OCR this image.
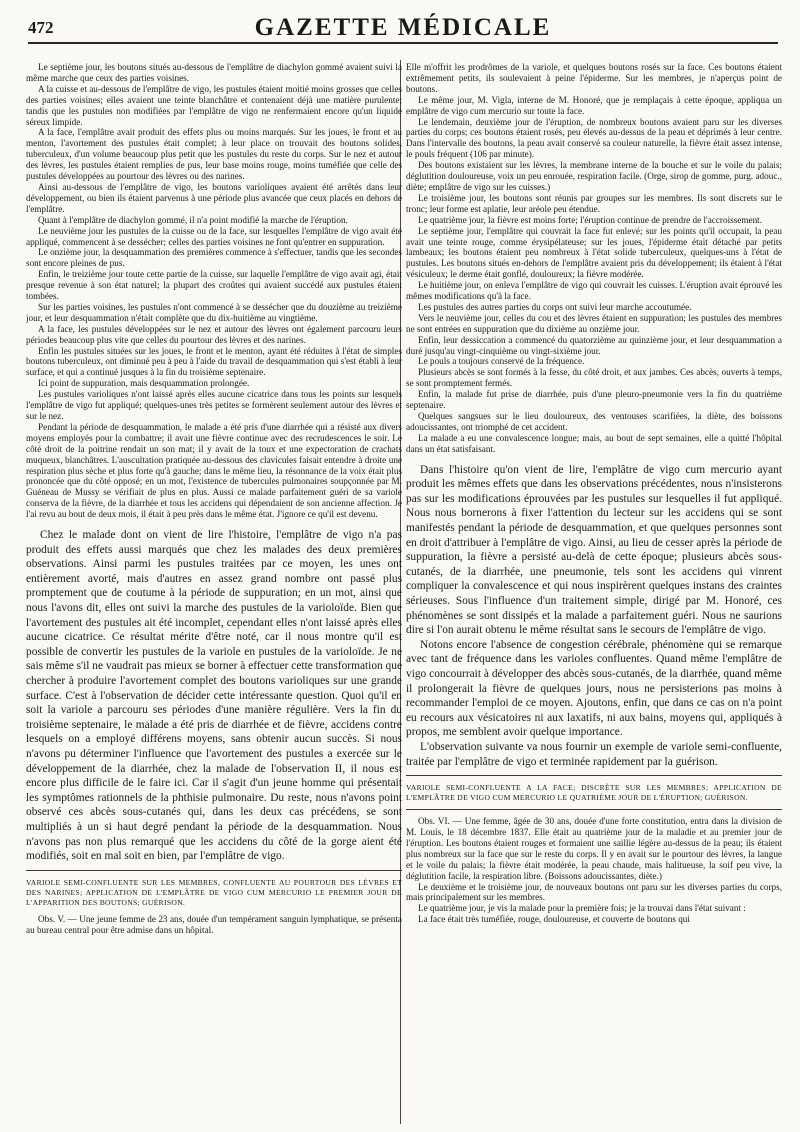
472	GAZETTE MÉDICALE

Le septième jour, les boutons situés au-dessous de l'emplâtre de diachylon gommé avaient suivi la même marche que ceux des parties voisines.

A la cuisse et au-dessous de l'emplâtre de vigo, les pustules étaient moitié moins grosses que celles des parties voisines; elles avaient une teinte blanchâtre et contenaient déjà une matière purulente; tandis que les pustules non modifiées par l'emplâtre de vigo ne renfermaient encore qu'un liquide séreux limpide.

A la face, l'emplâtre avait produit des effets plus ou moins marqués. Sur les joues, le front et au menton, l'avortement des pustules était complet; à leur place on trouvait des boutons solides, tuberculeux, d'un volume beaucoup plus petit que les pustules du reste du corps. Sur le nez et autour des lèvres, les pustules étaient remplies de pus, leur base moins rouge, moins tuméfiée que celle des pustules développées au pourtour des lèvres ou des narines.

Ainsi au-dessous de l'emplâtre de vigo, les boutons varioliques avaient été arrêtés dans leur développement, ou bien ils étaient parvenus à une période plus avancée que ceux placés en dehors de l'emplâtre.

Quant à l'emplâtre de diachylon gommé, il n'a point modifié la marche de l'éruption.

Le neuvième jour les pustules de la cuisse ou de la face, sur lesquelles l'emplâtre de vigo avait été appliqué, commencent à se dessécher; celles des parties voisines ne font qu'entrer en suppuration.

Le onzième jour, la desquammation des premières commence à s'effectuer, tandis que les secondes sont encore pleines de pus.

Enfin, le treizième jour toute cette partie de la cuisse, sur laquelle l'emplâtre de vigo avait agi, était presque revenue à son état naturel; la plupart des croûtes qui avaient succédé aux pustules étaient tombées.

Sur les parties voisines, les pustules n'ont commencé à se dessécher que du douzième au treizième jour, et leur desquammation n'était complète que du dix-huitième au vingtième.

A la face, les pustules développées sur le nez et autour des lèvres ont également parcouru leurs périodes beaucoup plus vite que celles du pourtour des lèvres et des narines.

Enfin les pustules situées sur les joues, le front et le menton, ayant été réduites à l'état de simples boutons tuberculeux, ont diminué peu à peu à l'aide du travail de desquammation qui s'est établi à leur surface, et qui a continué jusques à la fin du troisième septenaire.

Ici point de suppuration, mais desquammation prolongée.

Les pustules varioliques n'ont laissé après elles aucune cicatrice dans tous les points sur lesquels l'emplâtre de vigo fut appliqué; quelques-unes très petites se formèrent seulement autour des lèvres et sur le nez.

Pendant la période de desquammation, le malade a été pris d'une diarrhée qui a résisté aux divers moyens employés pour la combattre; il avait une fièvre continue avec des recrudescences le soir. Le côté droit de la poitrine rendait un son mat; il y avait de la toux et une expectoration de crachats muqueux, blanchâtres. L'auscultation pratiquée au-dessous des clavicules faisait entendre à droite une respiration plus sèche et plus forte qu'à gauche; dans le même lieu, la résonnance de la voix était plus prononcée que du côté opposé; en un mot, l'existence de tubercules pulmonaires soupçonnée par M. Guéneau de Mussy se vérifiait de plus en plus. Aussi ce malade parfaitement guéri de sa variole conserva de la fièvre, de la diarrhée et tous les accidens qui dépendaient de son ancienne affection. Je l'ai revu au bout de deux mois, il était à peu près dans le même état. J'ignore ce qu'il est devenu.

Chez le malade dont on vient de lire l'histoire, l'emplâtre de vigo n'a pas produit des effets aussi marqués que chez les malades des deux premières observations. Ainsi parmi les pustules traitées par ce moyen, les unes ont entièrement avorté, mais d'autres en assez grand nombre ont passé plus promptement que de coutume à la période de suppuration; en un mot, ainsi que nous l'avons dit, elles ont suivi la marche des pustules de la varioloïde. Bien que l'avortement des pustules ait été incomplet, cependant elles n'ont laissé après elles aucune cicatrice. Ce résultat mérite d'être noté, car il nous montre qu'il est possible de convertir les pustules de la variole en pustules de la varioloïde. Je ne sais même s'il ne vaudrait pas mieux se borner à effectuer cette transformation que chercher à produire l'avortement complet des boutons varioliques sur une grande surface. C'est à l'observation de décider cette intéressante question. Quoi qu'il en soit la variole a parcouru ses périodes d'une manière régulière. Vers la fin du troisième septenaire, le malade a été pris de diarrhée et de fièvre, accidens contre lesquels on a employé différens moyens, sans obtenir aucun succès. Si nous n'avons pu déterminer l'influence que l'avortement des pustules a exercée sur le développement de la diarrhée, chez la malade de l'observation II, il nous est encore plus difficile de le faire ici. Car il s'agit d'un jeune homme qui présentait les symptômes rationnels de la phthisie pulmonaire. Du reste, nous n'avons point observé ces abcès sous-cutanés qui, dans les deux cas précédens, se sont multipliés à un si haut degré pendant la période de la desquammation. Nous n'avons pas non plus remarqué que les accidens du côté de la gorge aient été modifiés, soit en mal soit en bien, par l'emplâtre de vigo.

VARIOLE SEMI-CONFLUENTE SUR LES MEMBRES, CONFLUENTE AU POURTOUR DES LÈVRES ET DES NARINES; APPLICATION DE L'EMPLÂTRE DE VIGO CUM MERCURIO LE PREMIER JOUR DE L'APPARITION DES BOUTONS; GUÉRISON.

Obs. V. — Une jeune femme de 23 ans, douée d'un tempérament sanguin lymphatique, se présenta au bureau central pour être admise dans un hôpital.

Elle m'offrit les prodrômes de la variole, et quelques boutons rosés sur la face. Ces boutons étaient extrêmement petits, ils soulevaient à peine l'épiderme. Sur les membres, je n'aperçus point de boutons.

Le même jour, M. Vigla, interne de M. Honoré, que je remplaçais à cette époque, appliqua un emplâtre de vigo cum mercurio sur toute la face.

Le lendemain, deuxième jour de l'éruption, de nombreux boutons avaient paru sur les diverses parties du corps; ces boutons étaient rosés, peu élevés au-dessus de la peau et déprimés à leur centre. Dans l'intervalle des boutons, la peau avait conservé sa couleur naturelle, la fièvre était assez intense, le pouls fréquent (106 par minute).

Des boutons existaient sur les lèvres, la membrane interne de la bouche et sur le voile du palais; déglutition douloureuse, voix un peu enrouée, respiration facile. (Orge, sirop de gomme, purg. adouc., diète; emplâtre de vigo sur les cuisses.)

Le troisième jour, les boutons sont réunis par groupes sur les membres. Ils sont discrets sur le tronc; leur forme est aplatie, leur aréole peu étendue.

Le quatrième jour, la fièvre est moins forte; l'éruption continue de prendre de l'accroissement.

Le septième jour, l'emplâtre qui couvrait la face fut enlevé; sur les points qu'il occupait, la peau avait une teinte rouge, comme érysipélateuse; sur les joues, l'épiderme était détaché par petits lambeaux; les boutons étaient peu nombreux à l'état solide tuberculeux, quelques-uns à l'état de pustules. Les boutons situés en-dehors de l'emplâtre avaient pris du développement; ils étaient à l'état vésiculeux; le derme était gonflé, douloureux; la fièvre modérée.

Le huitième jour, on enleva l'emplâtre de vigo qui couvrait les cuisses. L'éruption avait éprouvé les mêmes modifications qu'à la face.

Les pustules des autres parties du corps ont suivi leur marche accoutumée.

Vers le neuvième jour, celles du cou et des lèvres étaient en suppuration; les pustules des membres ne sont entrées en suppuration que du dixième au onzième jour.

Enfin, leur dessiccation a commencé du quatorzième au quinzième jour, et leur desquammation a duré jusqu'au vingt-cinquième ou vingt-sixième jour.

Le pouls a toujours conservé de la fréquence.

Plusieurs abcès se sont formés à la fesse, du côté droit, et aux jambes. Ces abcès, ouverts à temps, se sont promptement fermés.

Enfin, la malade fut prise de diarrhée, puis d'une pleuro-pneumonie vers la fin du quatrième septenaire.

Quelques sangsues sur le lieu douloureux, des ventouses scarifiées, la diète, des boissons adoucissantes, ont triomphé de cet accident.

La malade a eu une convalescence longue; mais, au bout de sept semaines, elle a quitté l'hôpital dans un état satisfaisant.

Dans l'histoire qu'on vient de lire, l'emplâtre de vigo cum mercurio ayant produit les mêmes effets que dans les observations précédentes, nous n'insisterons pas sur les modifications éprouvées par les pustules sur lesquelles il fut appliqué. Nous nous bornerons à fixer l'attention du lecteur sur les accidens qui se sont manifestés pendant la période de desquammation, et que quelques personnes sont en droit d'attribuer à l'emplâtre de vigo. Ainsi, au lieu de cesser après la période de suppuration, la fièvre a persisté au-delà de cette époque; plusieurs abcès sous-cutanés, de la diarrhée, une pneumonie, tels sont les accidens qui vinrent compliquer la convalescence et qui nous inspirèrent quelques instans des craintes sérieuses. Sous l'influence d'un traitement simple, dirigé par M. Honoré, ces phénomènes se sont dissipés et la malade a parfaitement guéri. Nous ne saurions dire si l'on aurait obtenu le même résultat sans le secours de l'emplâtre de vigo.

Notons encore l'absence de congestion cérébrale, phénomène qui se remarque avec tant de fréquence dans les varioles confluentes. Quand même l'emplâtre de vigo concourrait à développer des abcès sous-cutanés, de la diarrhée, quand même il prolongerait la fièvre de quelques jours, nous ne persisterions pas moins à recommander l'emploi de ce moyen. Ajoutons, enfin, que dans ce cas on n'a point eu recours aux vésicatoires ni aux laxatifs, ni aux bains, moyens qui, appliqués à propos, me semblent avoir quelque importance.

L'observation suivante va nous fournir un exemple de variole semi-confluente, traitée par l'emplâtre de vigo et terminée rapidement par la guérison.

VARIOLE SEMI-CONFLUENTE A LA FACE; DISCRÈTE SUR LES MEMBRES; APPLICATION DE L'EMPLÂTRE DE VIGO CUM MERCURIO LE QUATRIÈME JOUR DE L'ÉRUPTION; GUÉRISON.

Obs. VI. — Une femme, âgée de 30 ans, douée d'une forte constitution, entra dans la division de M. Louis, le 18 décembre 1837. Elle était au quatrième jour de la maladie et au premier jour de l'éruption. Les boutons étaient rouges et formaient une saillie légère au-dessus de la peau; ils étaient plus nombreux sur la face que sur le reste du corps. Il y en avait sur le pourtour des lèvres, la langue et le voile du palais; la fièvre était modérée, la peau chaude, mais halitueuse, la soif peu vive, la déglutition facile, la respiration libre. (Boissons adoucissantes, diète.)

Le deuxième et le troisième jour, de nouveaux boutons ont paru sur les diverses parties du corps, mais principalement sur les membres.

Le quatrième jour, je vis la malade pour la première fois; je la trouvai dans l'état suivant :

La face était très tuméfiée, rouge, douloureuse, et couverte de boutons qui
